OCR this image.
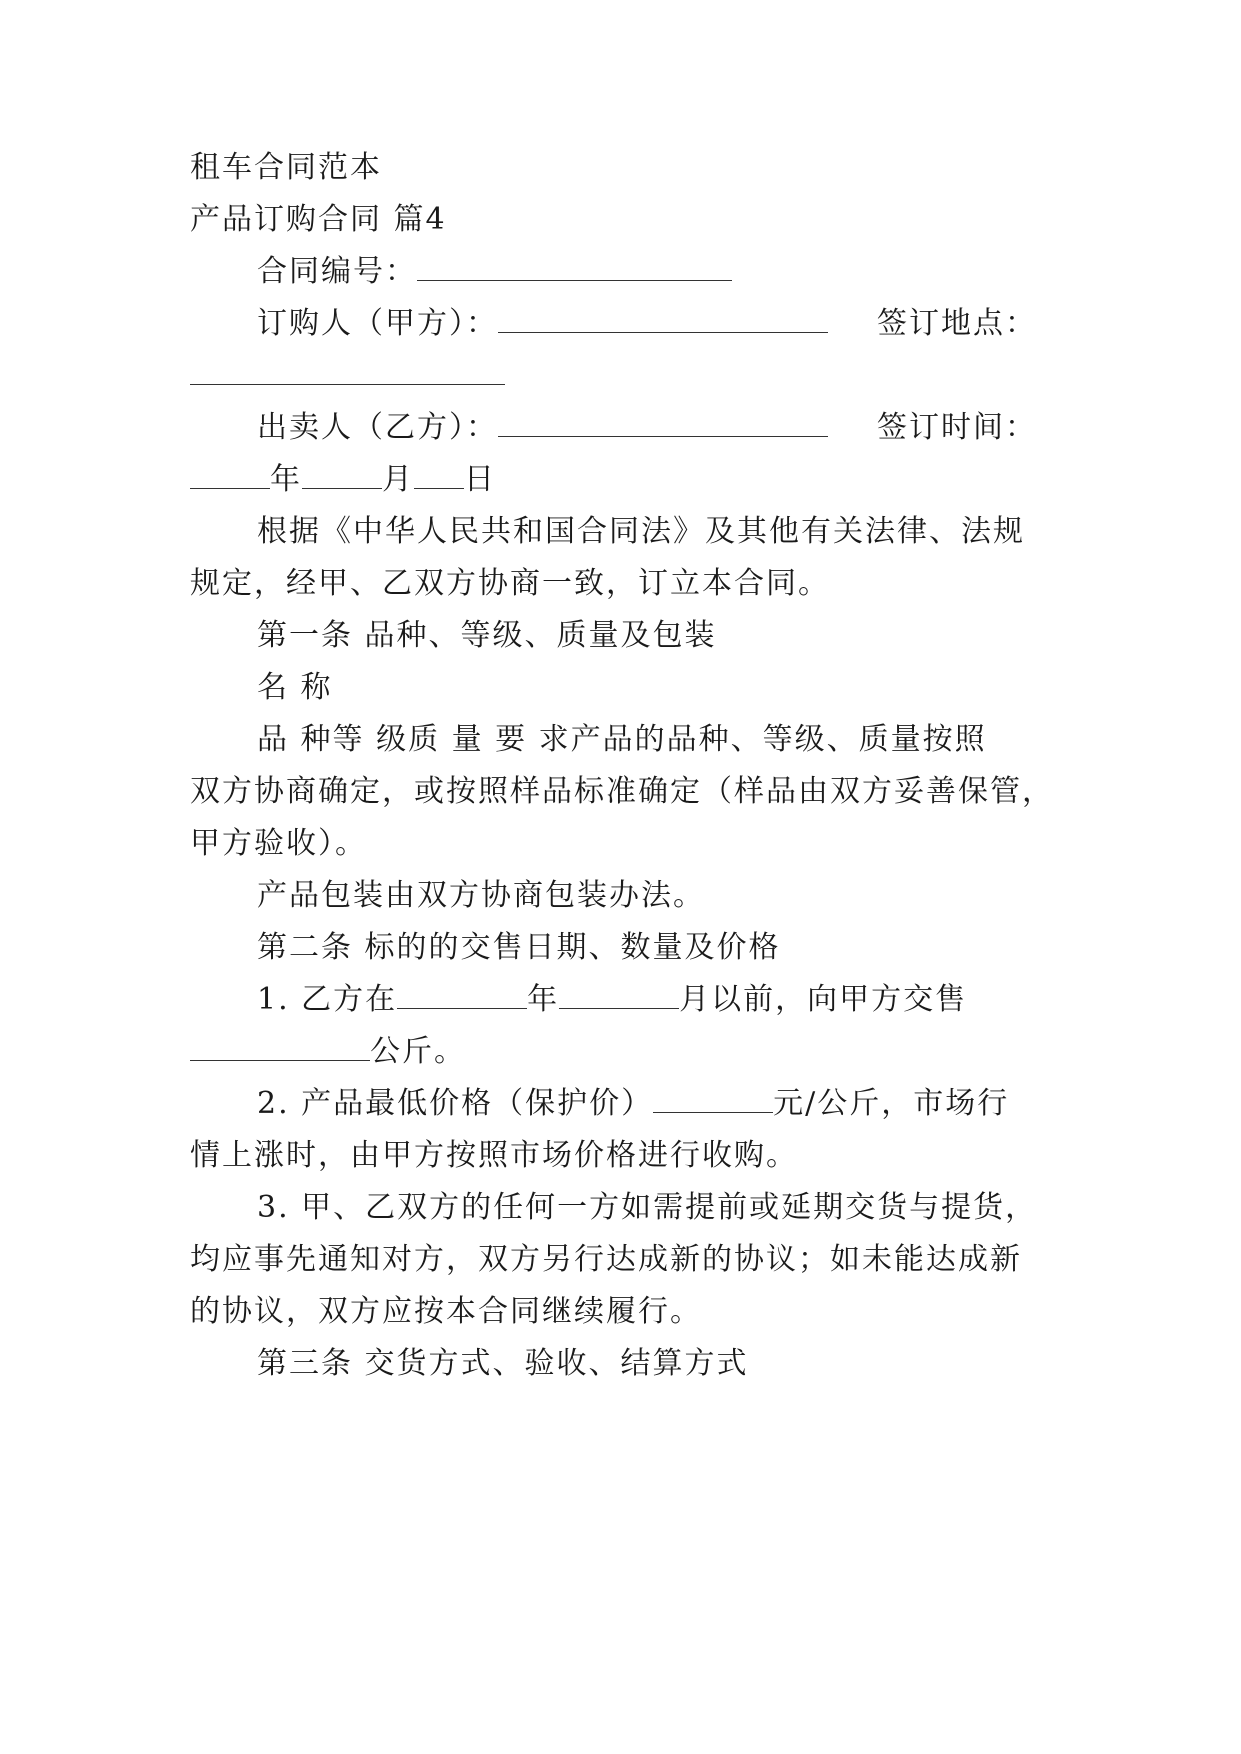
租车合同范本
产品订购合同 篇4
合同编号：
订购人（甲方）：	签订地点：
出卖人（乙方）：	签订时间：
年	月 日
根据《中华人民共和国合同法》及其他有关法律、法规
规定，经甲、乙双方协商一致，订立本合同。
第一条 品种、等级、质量及包装
名 称
品 种等 级质 量 要 求产品的品种、等级、质量按照
双方协商确定，或按照样品标准确定（样品由双方妥善保管，
甲方验收）。
产品包装由双方协商包装办法。
第二条 标的的交售日期、数量及价格
1. 乙方在	年	月以前，向甲方交售
公斤。
2. 产品最低价格（保护价）	元/公斤，市场行
情上涨时，由甲方按照市场价格进行收购。
3. 甲、乙双方的任何一方如需提前或延期交货与提货，
均应事先通知对方，双方另行达成新的协议；如未能达成新
的协议，双方应按本合同继续履行。
第三条 交货方式、验收、结算方式
